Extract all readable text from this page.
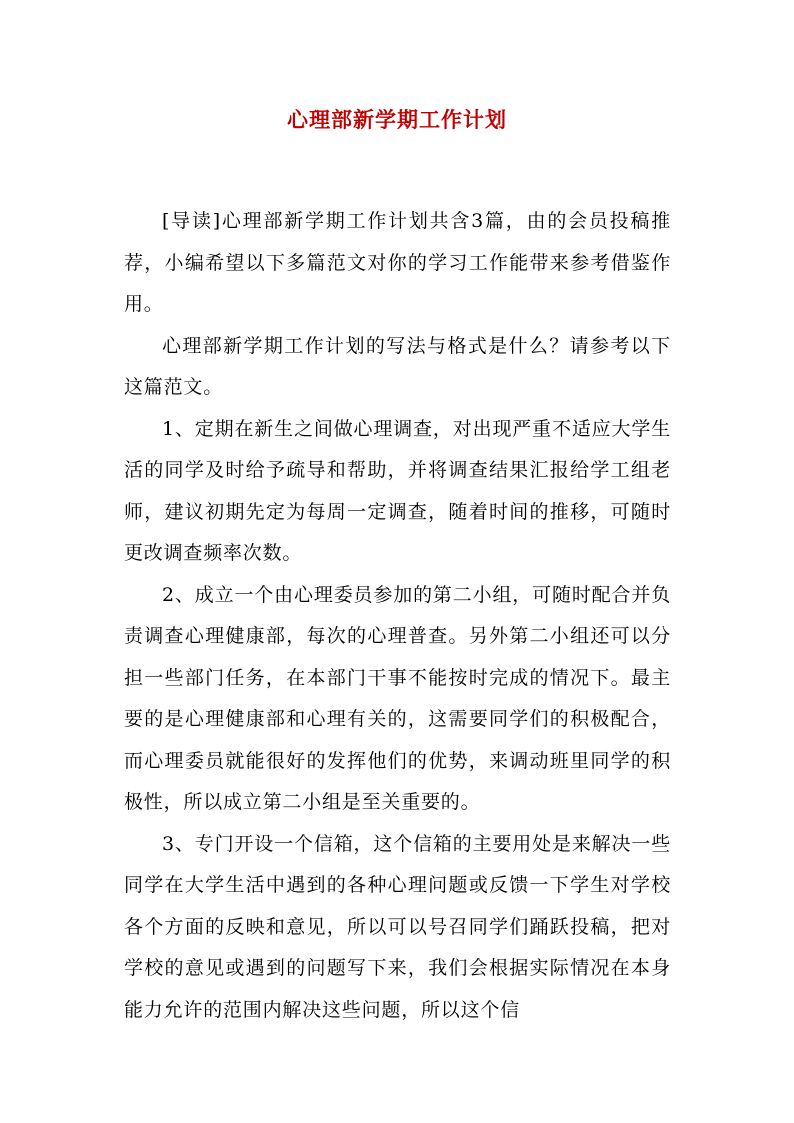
心理部新学期工作计划

[导读]心理部新学期工作计划共含3篇，由的会员投稿推荐，小编希望以下多篇范文对你的学习工作能带来参考借鉴作用。

心理部新学期工作计划的写法与格式是什么？请参考以下这篇范文。

1、定期在新生之间做心理调查，对出现严重不适应大学生活的同学及时给予疏导和帮助，并将调查结果汇报给学工组老师，建议初期先定为每周一定调查，随着时间的推移，可随时更改调查频率次数。

2、成立一个由心理委员参加的第二小组，可随时配合并负责调查心理健康部，每次的心理普查。另外第二小组还可以分担一些部门任务，在本部门干事不能按时完成的情况下。最主要的是心理健康部和心理有关的，这需要同学们的积极配合，而心理委员就能很好的发挥他们的优势，来调动班里同学的积极性，所以成立第二小组是至关重要的。

3、专门开设一个信箱，这个信箱的主要用处是来解决一些同学在大学生活中遇到的各种心理问题或反馈一下学生对学校各个方面的反映和意见，所以可以号召同学们踊跃投稿，把对学校的意见或遇到的问题写下来，我们会根据实际情况在本身能力允许的范围内解决这些问题，所以这个信
